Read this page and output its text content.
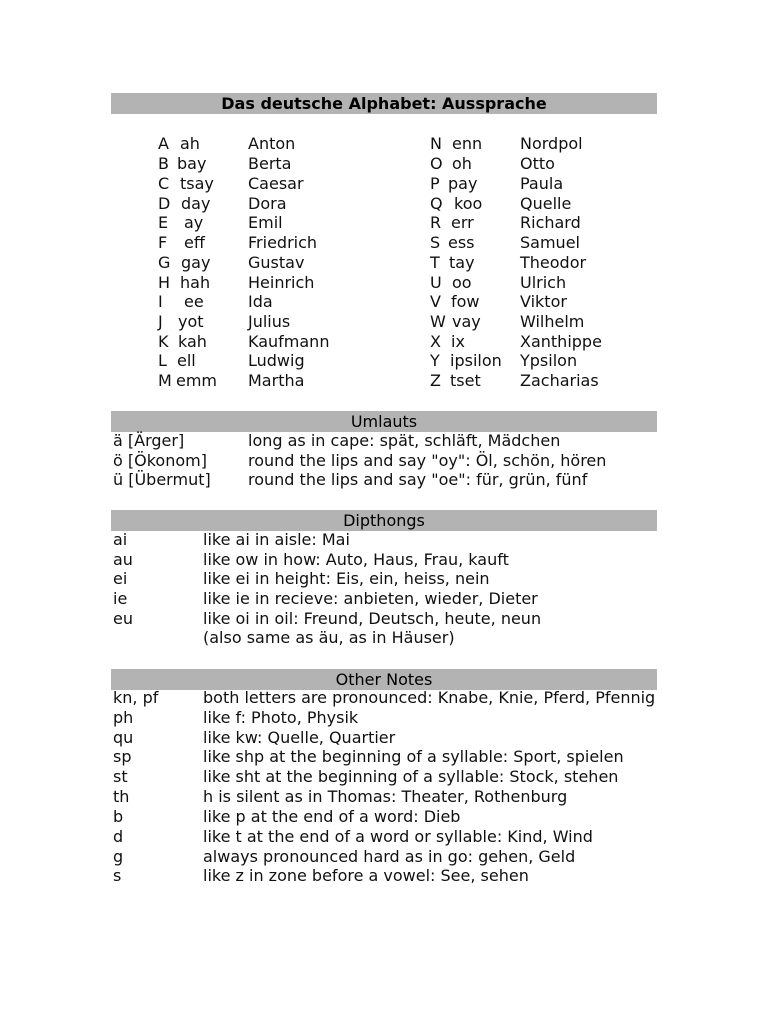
Das deutsche Alphabet: Aussprache
A ah	Anton
B bay	Berta
C tsay Caesar
D day Dora
E ay	Emil
F eff	Friedrich
G gay Gustav
H hah Heinrich
I ee	Ida
J yot	Julius
K kah	Kaufmann
L ell	Ludwig
M emm Martha
N enn Nordpol
O oh	Otto
P pay	Paula
Q koo Quelle
R err	Richard
S ess	Samuel
T tay	Theodor
U oo	Ulrich
V fow	Viktor
W vay Wilhelm
X ix	Xanthippe
Y ipsilon Ypsilon
Z tset Zacharias
Umlauts
ä [Ärger]	long as in cape: spät, schläft, Mädchen
ö [Ökonom]	round the lips and say "oy": Öl, schön, hören
ü [Übermut] round the lips and say "oe": für, grün, fünf
Dipthongs
ai	like ai in aisle: Mai
au	like ow in how: Auto, Haus, Frau, kauft
ei	like ei in height: Eis, ein, heiss, nein
ie	like ie in recieve: anbieten, wieder, Dieter
eu	like oi in oil: Freund, Deutsch, heute, neun
(also same as äu, as in Häuser)
Other Notes
kn, pf	both letters are pronounced: Knabe, Knie, Pferd, Pfennig
ph	like f: Photo, Physik
qu	like kw: Quelle, Quartier
sp	like shp at the beginning of a syllable: Sport, spielen
st	like sht at the beginning of a syllable: Stock, stehen
th	h is silent as in Thomas: Theater, Rothenburg
b	like p at the end of a word: Dieb
d	like t at the end of a word or syllable: Kind, Wind
g	always pronounced hard as in go: gehen, Geld
s	like z in zone before a vowel: See, sehen
